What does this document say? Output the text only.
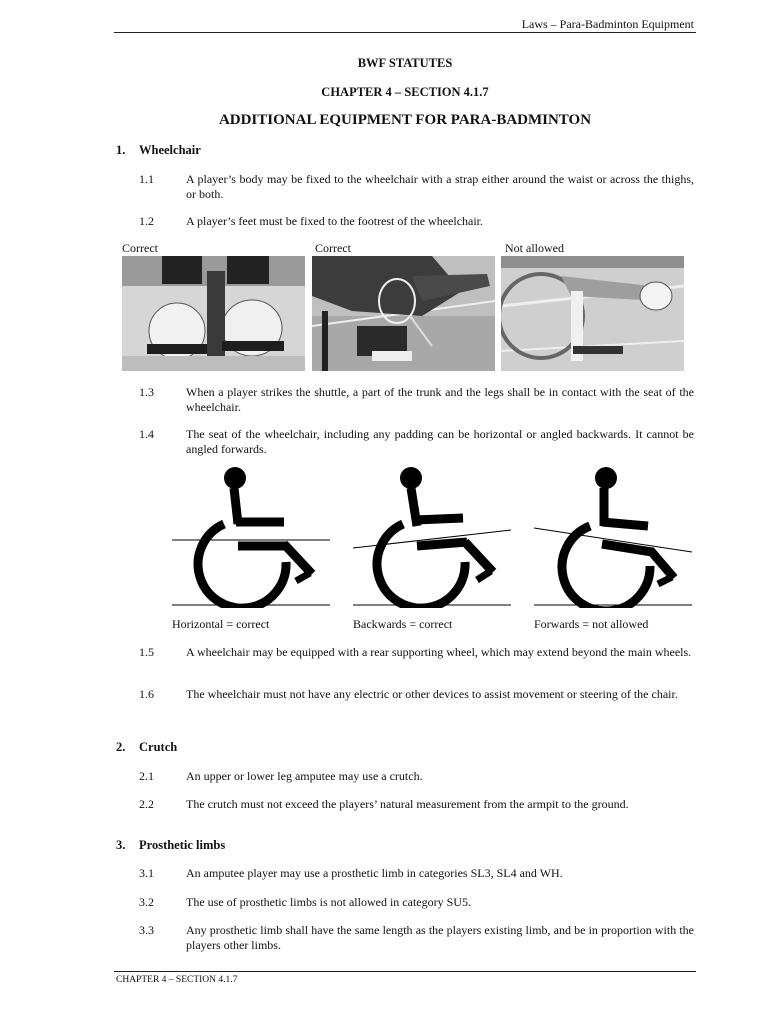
Laws – Para-Badminton Equipment
BWF STATUTES
CHAPTER 4 – SECTION 4.1.7
ADDITIONAL EQUIPMENT FOR PARA-BADMINTON
1. Wheelchair
1.1	A player’s body may be fixed to the wheelchair with a strap either around the waist or across the thighs, or both.
1.2	A player’s feet must be fixed to the footrest of the wheelchair.
Correct	Correct	Not allowed
1.3	When a player strikes the shuttle, a part of the trunk and the legs shall be in contact with the seat of the wheelchair.
1.4	The seat of the wheelchair, including any padding can be horizontal or angled backwards. It cannot be angled forwards.
Horizontal = correct	Backwards = correct	Forwards = not allowed
1.5	A wheelchair may be equipped with a rear supporting wheel, which may extend beyond the main wheels.
1.6	The wheelchair must not have any electric or other devices to assist movement or steering of the chair.
2. Crutch
2.1	An upper or lower leg amputee may use a crutch.
2.2	The crutch must not exceed the players’ natural measurement from the armpit to the ground.
3. Prosthetic limbs
3.1	An amputee player may use a prosthetic limb in categories SL3, SL4 and WH.
3.2	The use of prosthetic limbs is not allowed in category SU5.
3.3	Any prosthetic limb shall have the same length as the players existing limb, and be in proportion with the players other limbs.
CHAPTER 4 – SECTION 4.1.7
